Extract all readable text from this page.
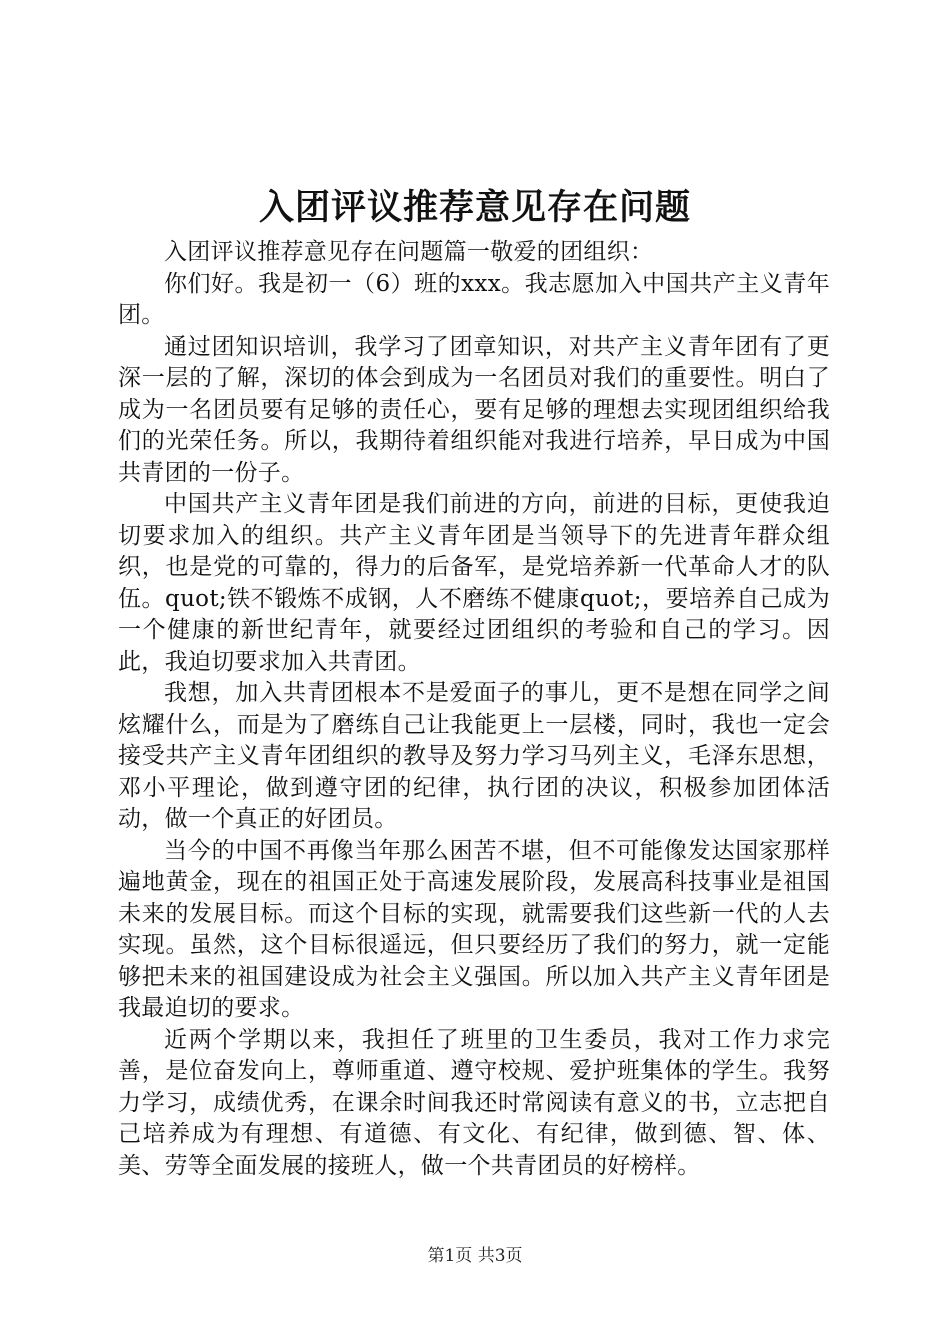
入团评议推荐意见存在问题

入团评议推荐意见存在问题篇一敬爱的团组织：

你们好。我是初一（6）班的xxx。我志愿加入中国共产主义青年团。

通过团知识培训，我学习了团章知识，对共产主义青年团有了更深一层的了解，深切的体会到成为一名团员对我们的重要性。明白了成为一名团员要有足够的责任心，要有足够的理想去实现团组织给我们的光荣任务。所以，我期待着组织能对我进行培养，早日成为中国共青团的一份子。

中国共产主义青年团是我们前进的方向，前进的目标，更使我迫切要求加入的组织。共产主义青年团是当领导下的先进青年群众组织，也是党的可靠的，得力的后备军，是党培养新一代革命人才的队伍。quot;铁不锻炼不成钢，人不磨练不健康quot;，要培养自己成为一个健康的新世纪青年，就要经过团组织的考验和自己的学习。因此，我迫切要求加入共青团。

我想，加入共青团根本不是爱面子的事儿，更不是想在同学之间炫耀什么，而是为了磨练自己让我能更上一层楼，同时，我也一定会接受共产主义青年团组织的教导及努力学习马列主义，毛泽东思想，邓小平理论，做到遵守团的纪律，执行团的决议，积极参加团体活动，做一个真正的好团员。

当今的中国不再像当年那么困苦不堪，但不可能像发达国家那样遍地黄金，现在的祖国正处于高速发展阶段，发展高科技事业是祖国未来的发展目标。而这个目标的实现，就需要我们这些新一代的人去实现。虽然，这个目标很遥远，但只要经历了我们的努力，就一定能够把未来的祖国建设成为社会主义强国。所以加入共产主义青年团是我最迫切的要求。

近两个学期以来，我担任了班里的卫生委员，我对工作力求完善，是位奋发向上，尊师重道、遵守校规、爱护班集体的学生。我努力学习，成绩优秀，在课余时间我还时常阅读有意义的书，立志把自己培养成为有理想、有道德、有文化、有纪律，做到德、智、体、美、劳等全面发展的接班人，做一个共青团员的好榜样。

第1页 共3页
